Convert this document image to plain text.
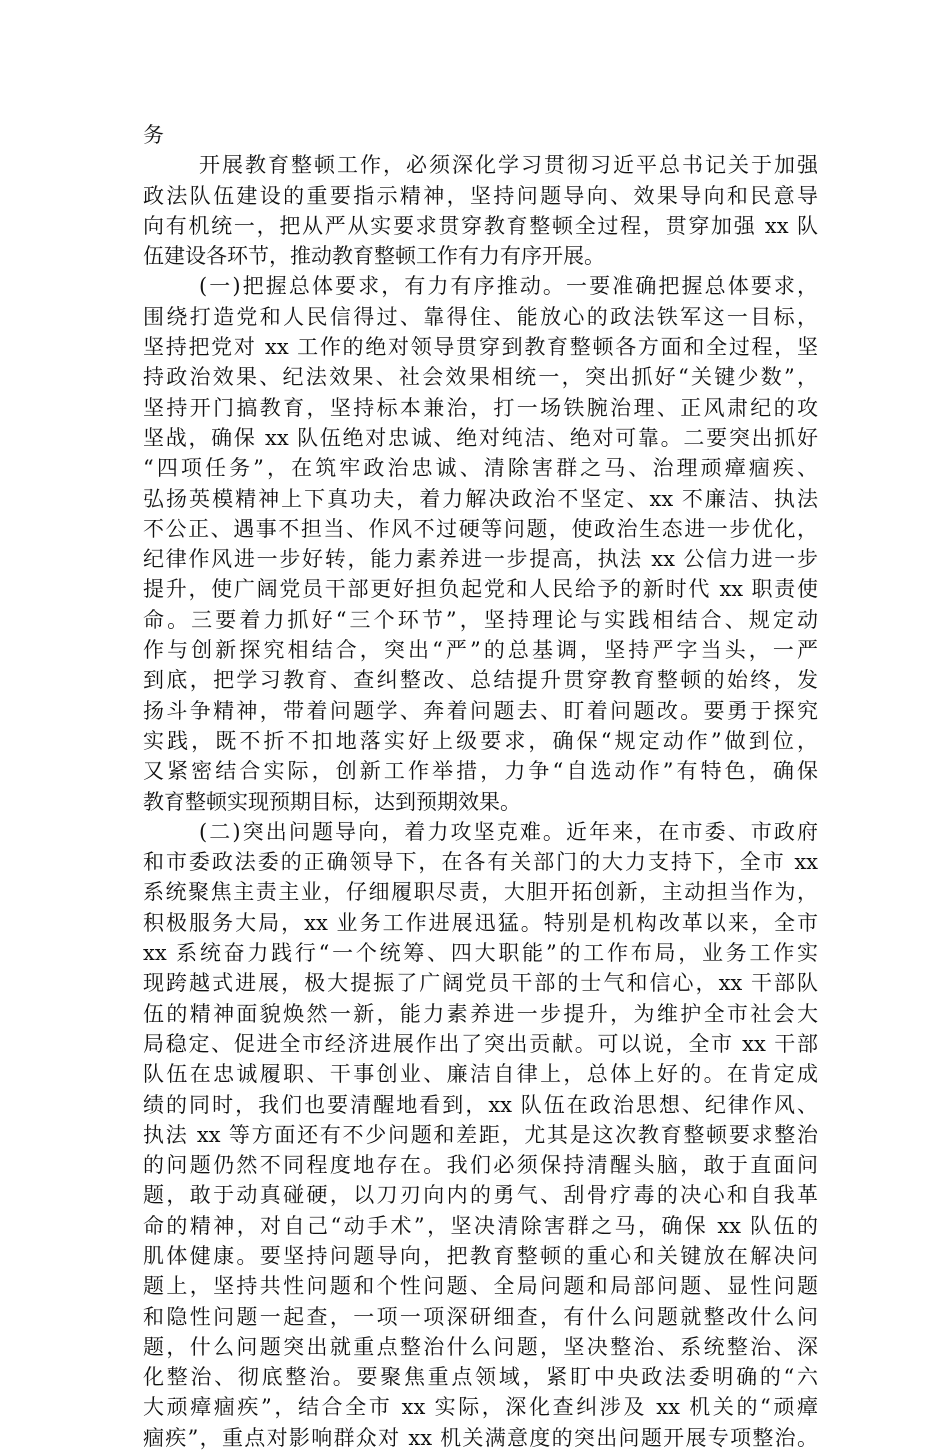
务
开展教育整顿工作，必须深化学习贯彻习近平总书记关于加强
政法队伍建设的重要指示精神，坚持问题导向、效果导向和民意导
向有机统一，把从严从实要求贯穿教育整顿全过程，贯穿加强 xx 队
伍建设各环节，推动教育整顿工作有力有序开展。
(一)把握总体要求，有力有序推动。一要准确把握总体要求，
围绕打造党和人民信得过、靠得住、能放心的政法铁军这一目标，
坚持把党对 xx 工作的绝对领导贯穿到教育整顿各方面和全过程，坚
持政治效果、纪法效果、社会效果相统一，突出抓好“关键少数”，
坚持开门搞教育，坚持标本兼治，打一场铁腕治理、正风肃纪的攻
坚战，确保 xx 队伍绝对忠诚、绝对纯洁、绝对可靠。二要突出抓好
“四项任务”，在筑牢政治忠诚、清除害群之马、治理顽瘴痼疾、
弘扬英模精神上下真功夫，着力解决政治不坚定、xx 不廉洁、执法
不公正、遇事不担当、作风不过硬等问题，使政治生态进一步优化，
纪律作风进一步好转，能力素养进一步提高，执法 xx 公信力进一步
提升，使广阔党员干部更好担负起党和人民给予的新时代 xx 职责使
命。三要着力抓好“三个环节”，坚持理论与实践相结合、规定动
作与创新探究相结合，突出“严”的总基调，坚持严字当头，一严
到底，把学习教育、查纠整改、总结提升贯穿教育整顿的始终，发
扬斗争精神，带着问题学、奔着问题去、盯着问题改。要勇于探究
实践，既不折不扣地落实好上级要求，确保“规定动作”做到位，
又紧密结合实际，创新工作举措，力争“自选动作”有特色，确保
教育整顿实现预期目标，达到预期效果。
(二)突出问题导向，着力攻坚克难。近年来，在市委、市政府
和市委政法委的正确领导下，在各有关部门的大力支持下，全市 xx
系统聚焦主责主业，仔细履职尽责，大胆开拓创新，主动担当作为，
积极服务大局，xx 业务工作进展迅猛。特别是机构改革以来，全市
xx 系统奋力践行“一个统筹、四大职能”的工作布局，业务工作实
现跨越式进展，极大提振了广阔党员干部的士气和信心，xx 干部队
伍的精神面貌焕然一新，能力素养进一步提升，为维护全市社会大
局稳定、促进全市经济进展作出了突出贡献。可以说，全市 xx 干部
队伍在忠诚履职、干事创业、廉洁自律上，总体上好的。在肯定成
绩的同时，我们也要清醒地看到，xx 队伍在政治思想、纪律作风、
执法 xx 等方面还有不少问题和差距，尤其是这次教育整顿要求整治
的问题仍然不同程度地存在。我们必须保持清醒头脑，敢于直面问
题，敢于动真碰硬，以刀刃向内的勇气、刮骨疗毒的决心和自我革
命的精神，对自己“动手术”，坚决清除害群之马，确保 xx 队伍的
肌体健康。要坚持问题导向，把教育整顿的重心和关键放在解决问
题上，坚持共性问题和个性问题、全局问题和局部问题、显性问题
和隐性问题一起查，一项一项深研细查，有什么问题就整改什么问
题，什么问题突出就重点整治什么问题，坚决整治、系统整治、深
化整治、彻底整治。要聚焦重点领域，紧盯中央政法委明确的“六
大顽瘴痼疾”，结合全市 xx 实际，深化查纠涉及 xx 机关的“顽瘴
痼疾”，重点对影响群众对 xx 机关满意度的突出问题开展专项整治。
